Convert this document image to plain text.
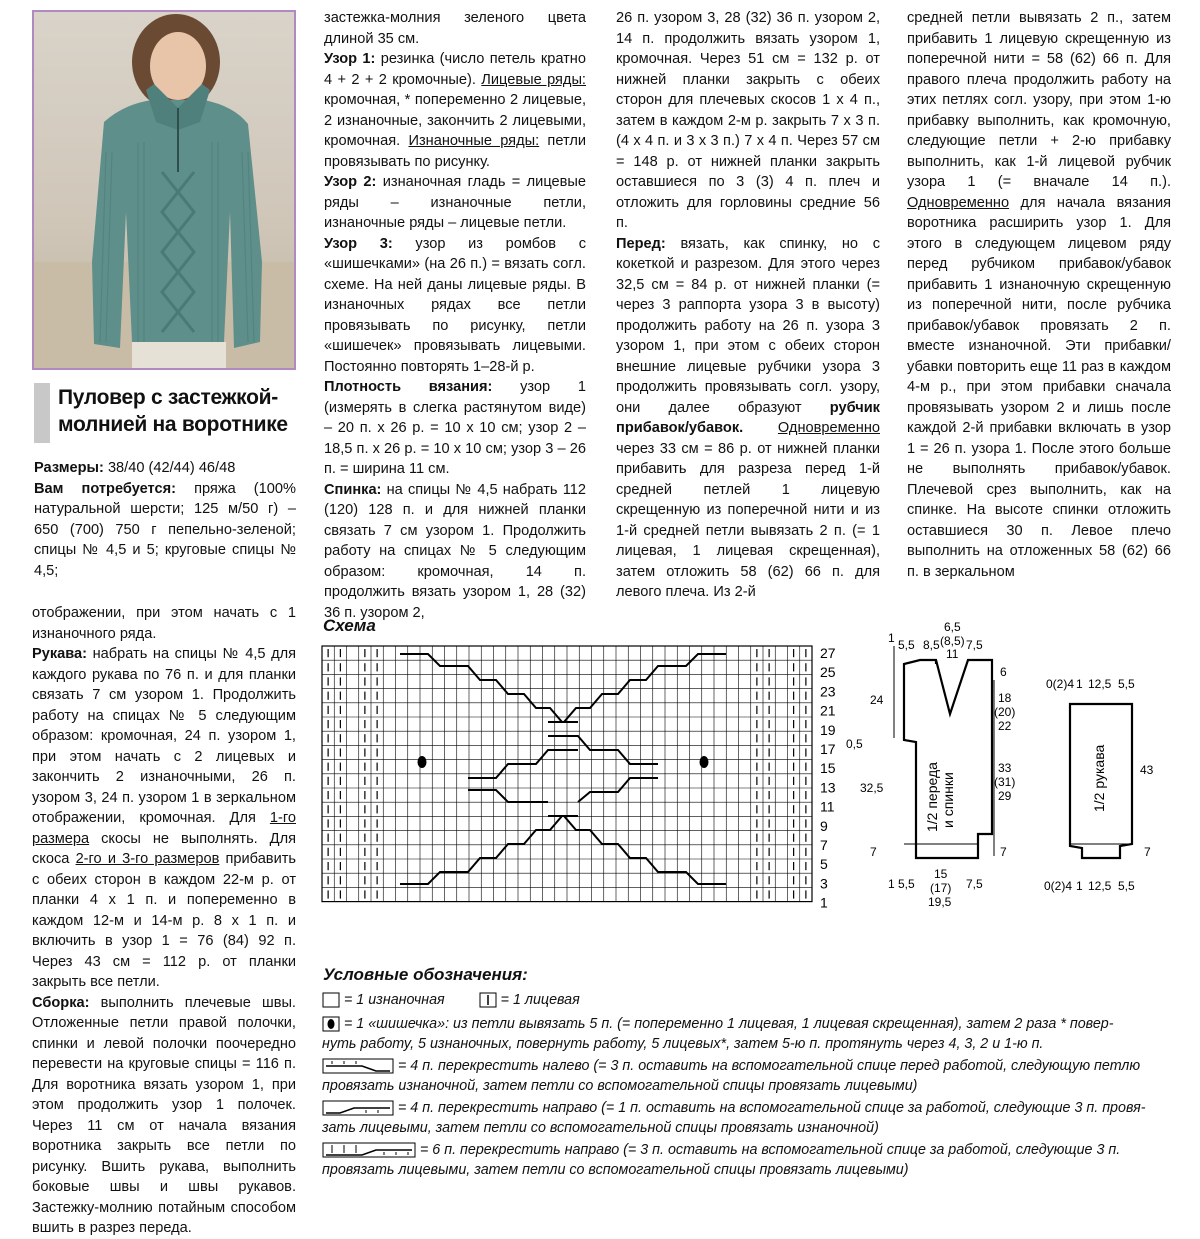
Пуловер с застежкой-молнией на воротнике

Размеры: 38/40 (42/44) 46/48

Вам потребуется: пряжа (100% натуральной шерсти; 125 м/50 г) – 650 (700) 750 г пепельно-зеленой; спицы № 4,5 и 5; круговые спицы № 4,5;

застежка-молния зеленого цвета длиной 35 см.

Узор 1: резинка (число петель кратно 4 + 2 + 2 кромочные). Лицевые ряды: кромочная, * попеременно 2 лицевые, 2 изнаночные, закончить 2 лицевыми, кромочная. Изнаночные ряды: петли провязывать по рисунку.

Узор 2: изнаночная гладь = лицевые ряды – изнаночные петли, изнаночные ряды – лицевые петли.

Узор 3: узор из ромбов с «шишечками» (на 26 п.) = вязать согл. схеме. На ней даны лицевые ряды. В изнаночных рядах все петли провязывать по рисунку, петли «шишечек» провязывать лицевыми. Постоянно повторять 1–28-й р.

Плотность вязания: узор 1 (измерять в слегка растянутом виде) – 20 п. х 26 р. = 10 х 10 см; узор 2 – 18,5 п. х 26 р. = 10 х 10 см; узор 3 – 26 п. = ширина 11 см.

Спинка: на спицы № 4,5 набрать 112 (120) 128 п. и для нижней планки связать 7 см узором 1. Продолжить работу на спицах № 5 следующим образом: кромочная, 14 п. продолжить вязать узором 1, 28 (32) 36 п. узором 2,

26 п. узором 3, 28 (32) 36 п. узором 2, 14 п. продолжить вязать узором 1, кромочная. Через 51 см = 132 р. от нижней планки закрыть с обеих сторон для плечевых скосов 1 х 4 п., затем в каждом 2-м р. закрыть 7 х 3 п. (4 х 4 п. и 3 х 3 п.) 7 х 4 п. Через 57 см = 148 р. от нижней планки закрыть оставшиеся по 3 (3) 4 п. плеч и отложить для горловины средние 56 п.

Перед: вязать, как спинку, но с кокеткой и разрезом. Для этого через 32,5 см = 84 р. от нижней планки (= через 3 раппорта узора 3 в высоту) продолжить работу на 26 п. узора 3 узором 1, при этом с обеих сторон внешние лицевые рубчики узора 3 продолжить провязывать согл. узору, они далее образуют рубчик прибавок/убавок. Одновременно через 33 см = 86 р. от нижней планки прибавить для разреза перед 1-й средней петлей 1 лицевую скрещенную из поперечной нити и из 1-й средней петли вывязать 2 п. (= 1 лицевая, 1 лицевая скрещенная), затем отложить 58 (62) 66 п. для левого плеча. Из 2-й

средней петли вывязать 2 п., затем прибавить 1 лицевую скрещенную из поперечной нити = 58 (62) 66 п. Для правого плеча продолжить работу на этих петлях согл. узору, при этом 1-ю прибавку выполнить, как кромочную, следующие петли + 2-ю прибавку выполнить, как 1-й лицевой рубчик узора 1 (= вначале 14 п.). Одновременно для начала вязания воротника расширить узор 1. Для этого в следующем лицевом ряду перед рубчиком прибавок/убавок прибавить 1 изнаночную скрещенную из поперечной нити, после рубчика прибавок/убавок провязать 2 п. вместе изнаночной. Эти прибавки/убавки повторить еще 11 раз в каждом 4-м р., при этом прибавки сначала провязывать узором 2 и лишь после каждой 2-й прибавки включать в узор 1 = 26 п. узора 1. После этого больше не выполнять прибавок/убавок. Плечевой срез выполнить, как на спинке. На высоте спинки отложить оставшиеся 30 п. Левое плечо выполнить на отложенных 58 (62) 66 п. в зеркальном

отображении, при этом начать с 1 изнаночного ряда.

Рукава: набрать на спицы № 4,5 для каждого рукава по 76 п. и для планки связать 7 см узором 1. Продолжить работу на спицах № 5 следующим образом: кромочная, 24 п. узором 1, при этом начать с 2 лицевых и закончить 2 изнаночными, 26 п. узором 3, 24 п. узором 1 в зеркальном отображении, кромочная. Для 1-го размера скосы не выполнять. Для скоса 2-го и 3-го размеров прибавить с обеих сторон в каждом 22-м р. от планки 4 х 1 п. и попеременно в каждом 12-м и 14-м р. 8 х 1 п. и включить в узор 1 = 76 (84) 92 п. Через 43 см = 112 р. от планки закрыть все петли.

Сборка: выполнить плечевые швы. Отложенные петли правой полочки, спинки и левой полочки поочередно перевести на круговые спицы = 116 п. Для воротника вязать узором 1, при этом продолжить узор 1 полочек. Через 11 см от начала вязания воротника закрыть все петли по рисунку. Вшить рукава, выполнить боковые швы и швы рукавов. Застежку-молнию потайным способом вшить в разрез переда.

Схема
27
25
23
21
19
17
15
13
11
9
7
5
3
1
1 5,5 8,5
6,5
(8,5)
11
7,5
24
0,5
32,5
7
6
18
(20)
22
33
(31)
29
7
1 5,5
15
(17)
19,5
7,5
1/2 переда и спинки
0(2)4 1 12,5 5,5
43
7
0(2)4 1 12,5 5,5
1/2 рукава
Условные обозначения:
= 1 изнаночная	= 1 лицевая
= 1 «шишечка»: из петли вывязать 5 п. (= попеременно 1 лицевая, 1 лицевая скрещенная), затем 2 раза * повер-
нуть работу, 5 изнаночных, повернуть работу, 5 лицевых*, затем 5-ю п. протянуть через 4, 3, 2 и 1-ю п.
= 4 п. перекрестить налево (= 3 п. оставить на вспомогательной спице перед работой, следующую петлю
провязать изнаночной, затем петли со вспомогательной спицы провязать лицевыми)
= 4 п. перекрестить направо (= 1 п. оставить на вспомогательной спице за работой, следующие 3 п. провя-
зать лицевыми, затем петли со вспомогательной спицы провязать изнаночной)
= 6 п. перекрестить направо (= 3 п. оставить на вспомогательной спице за работой, следующие 3 п.
провязать лицевыми, затем петли со вспомогательной спицы провязать лицевыми)
